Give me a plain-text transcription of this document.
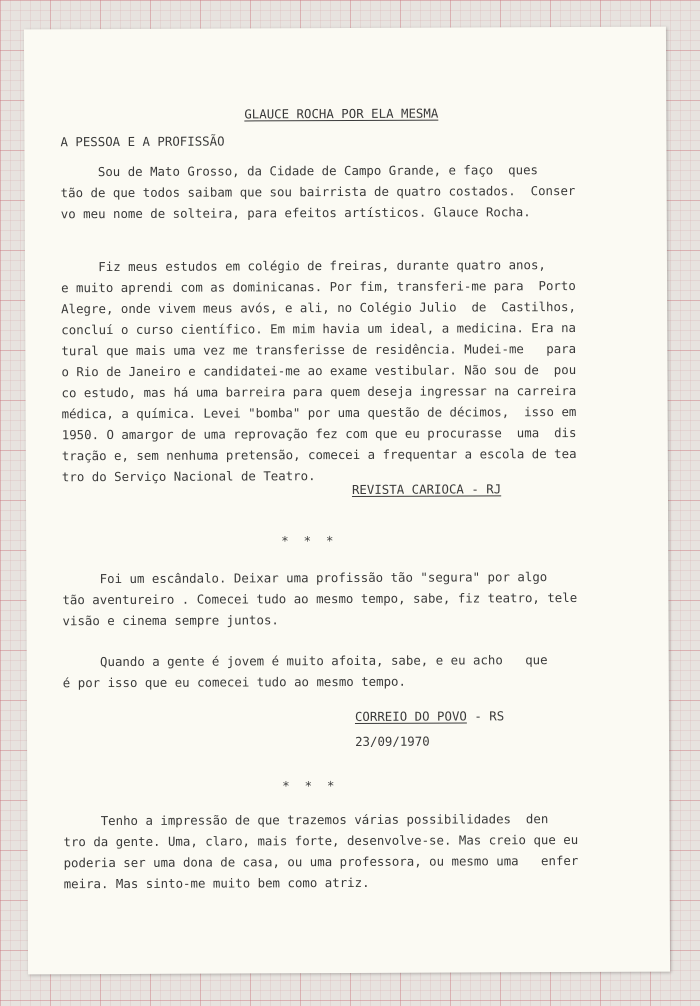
GLAUCE ROCHA POR ELA MESMA
A PESSOA E A PROFISSÃO
Sou de Mato Grosso, da Cidade de Campo Grande, e faço  ques
tão de que todos saibam que sou bairrista de quatro costados.  Conser
vo meu nome de solteira, para efeitos artísticos. Glauce Rocha.
Fiz meus estudos em colégio de freiras, durante quatro anos,
e muito aprendi com as dominicanas. Por fim, transferi-me para  Porto
Alegre, onde vivem meus avós, e ali, no Colégio Julio  de  Castilhos,
concluí o curso científico. Em mim havia um ideal, a medicina. Era na
tural que mais uma vez me transferisse de residência. Mudei-me   para
o Rio de Janeiro e candidatei-me ao exame vestibular. Não sou de  pou
co estudo, mas há uma barreira para quem deseja ingressar na carreira
médica, a química. Levei "bomba" por uma questão de décimos,  isso em
1950. O amargor de uma reprovação fez com que eu procurasse  uma  dis
tração e, sem nenhuma pretensão, comecei a frequentar a escola de tea
tro do Serviço Nacional de Teatro.
REVISTA CARIOCA - RJ
*  *  *
Foi um escândalo. Deixar uma profissão tão "segura" por algo
tão aventureiro . Comecei tudo ao mesmo tempo, sabe, fiz teatro, tele
visão e cinema sempre juntos.
Quando a gente é jovem é muito afoita, sabe, e eu acho   que
é por isso que eu comecei tudo ao mesmo tempo.
CORREIO DO POVO - RS
23/09/1970
*  *  *
Tenho a impressão de que trazemos várias possibilidades  den
tro da gente. Uma, claro, mais forte, desenvolve-se. Mas creio que eu
poderia ser uma dona de casa, ou uma professora, ou mesmo uma   enfer
meira. Mas sinto-me muito bem como atriz.
